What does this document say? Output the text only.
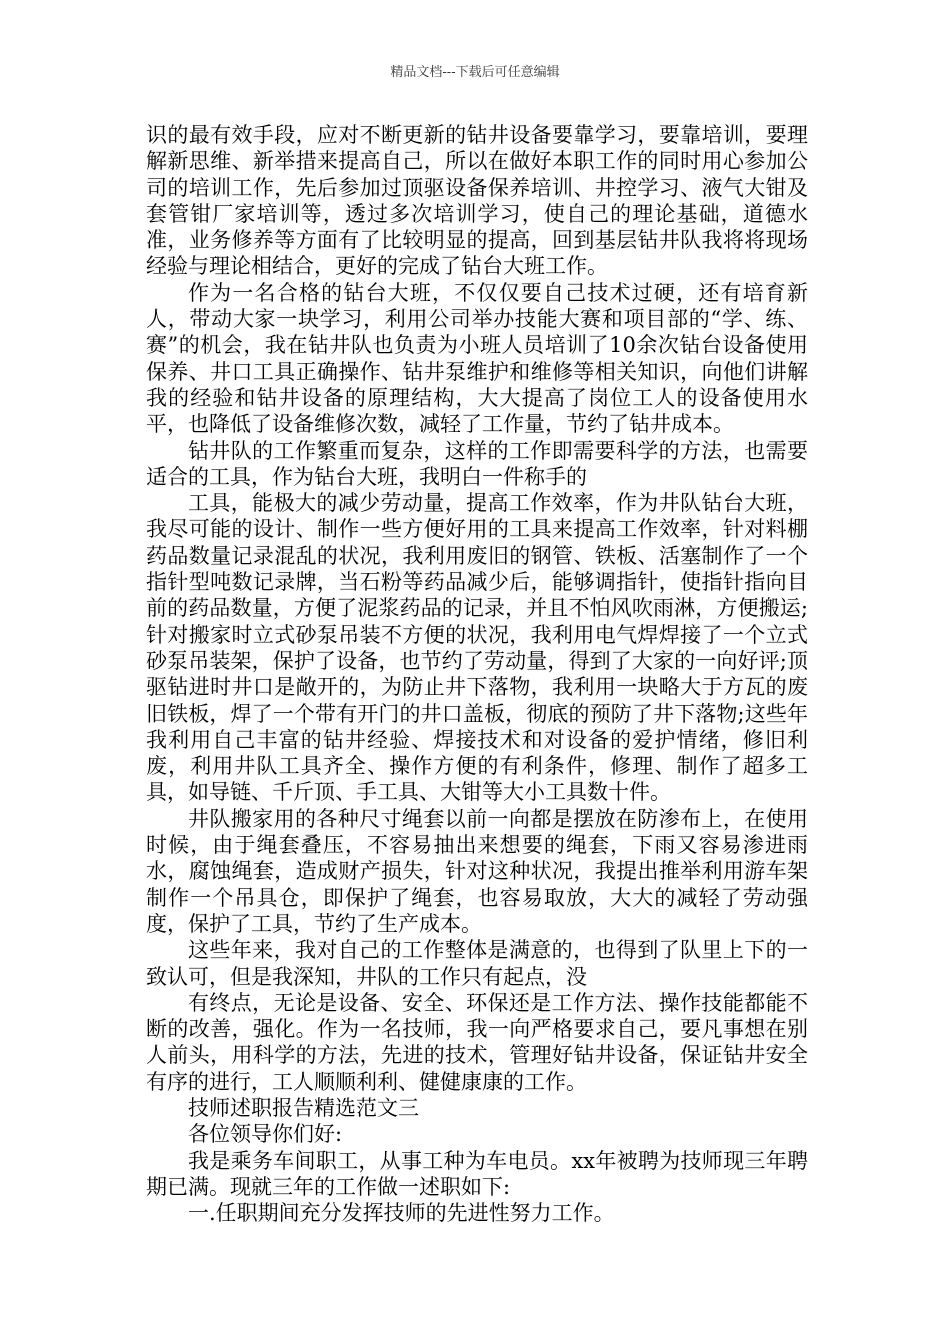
精品文档---下载后可任意编辑

识的最有效手段，应对不断更新的钻井设备要靠学习，要靠培训，要理解新思维、新举措来提高自己，所以在做好本职工作的同时用心参加公司的培训工作，先后参加过顶驱设备保养培训、井控学习、液气大钳及套管钳厂家培训等，透过多次培训学习，使自己的理论基础，道德水准，业务修养等方面有了比较明显的提高，回到基层钻井队我将将现场经验与理论相结合，更好的完成了钻台大班工作。

作为一名合格的钻台大班，不仅仅要自己技术过硬，还有培育新人，带动大家一块学习，利用公司举办技能大赛和项目部的“学、练、赛”的机会，我在钻井队也负责为小班人员培训了10余次钻台设备使用保养、井口工具正确操作、钻井泵维护和维修等相关知识，向他们讲解我的经验和钻井设备的原理结构，大大提高了岗位工人的设备使用水平，也降低了设备维修次数，减轻了工作量，节约了钻井成本。

钻井队的工作繁重而复杂，这样的工作即需要科学的方法，也需要适合的工具，作为钻台大班，我明白一件称手的

工具，能极大的减少劳动量，提高工作效率，作为井队钻台大班，我尽可能的设计、制作一些方便好用的工具来提高工作效率，针对料棚药品数量记录混乱的状况，我利用废旧的钢管、铁板、活塞制作了一个指针型吨数记录牌，当石粉等药品减少后，能够调指针，使指针指向目前的药品数量，方便了泥浆药品的记录，并且不怕风吹雨淋，方便搬运;针对搬家时立式砂泵吊装不方便的状况，我利用电气焊焊接了一个立式砂泵吊装架，保护了设备，也节约了劳动量，得到了大家的一向好评;顶驱钻进时井口是敞开的，为防止井下落物，我利用一块略大于方瓦的废旧铁板，焊了一个带有开门的井口盖板，彻底的预防了井下落物;这些年我利用自己丰富的钻井经验、焊接技术和对设备的爱护情绪，修旧利废，利用井队工具齐全、操作方便的有利条件，修理、制作了超多工具，如导链、千斤顶、手工具、大钳等大小工具数十件。

井队搬家用的各种尺寸绳套以前一向都是摆放在防渗布上，在使用时候，由于绳套叠压，不容易抽出来想要的绳套，下雨又容易渗进雨水，腐蚀绳套，造成财产损失，针对这种状况，我提出推举利用游车架制作一个吊具仓，即保护了绳套，也容易取放，大大的减轻了劳动强度，保护了工具，节约了生产成本。

这些年来，我对自己的工作整体是满意的，也得到了队里上下的一致认可，但是我深知，井队的工作只有起点，没

有终点，无论是设备、安全、环保还是工作方法、操作技能都能不断的改善，强化。作为一名技师，我一向严格要求自己，要凡事想在别人前头，用科学的方法，先进的技术，管理好钻井设备，保证钻井安全有序的进行，工人顺顺利利、健健康康的工作。

技师述职报告精选范文三

各位领导你们好:

我是乘务车间职工，从事工种为车电员。xx年被聘为技师现三年聘期已满。现就三年的工作做一述职如下:

一.任职期间充分发挥技师的先进性努力工作。
